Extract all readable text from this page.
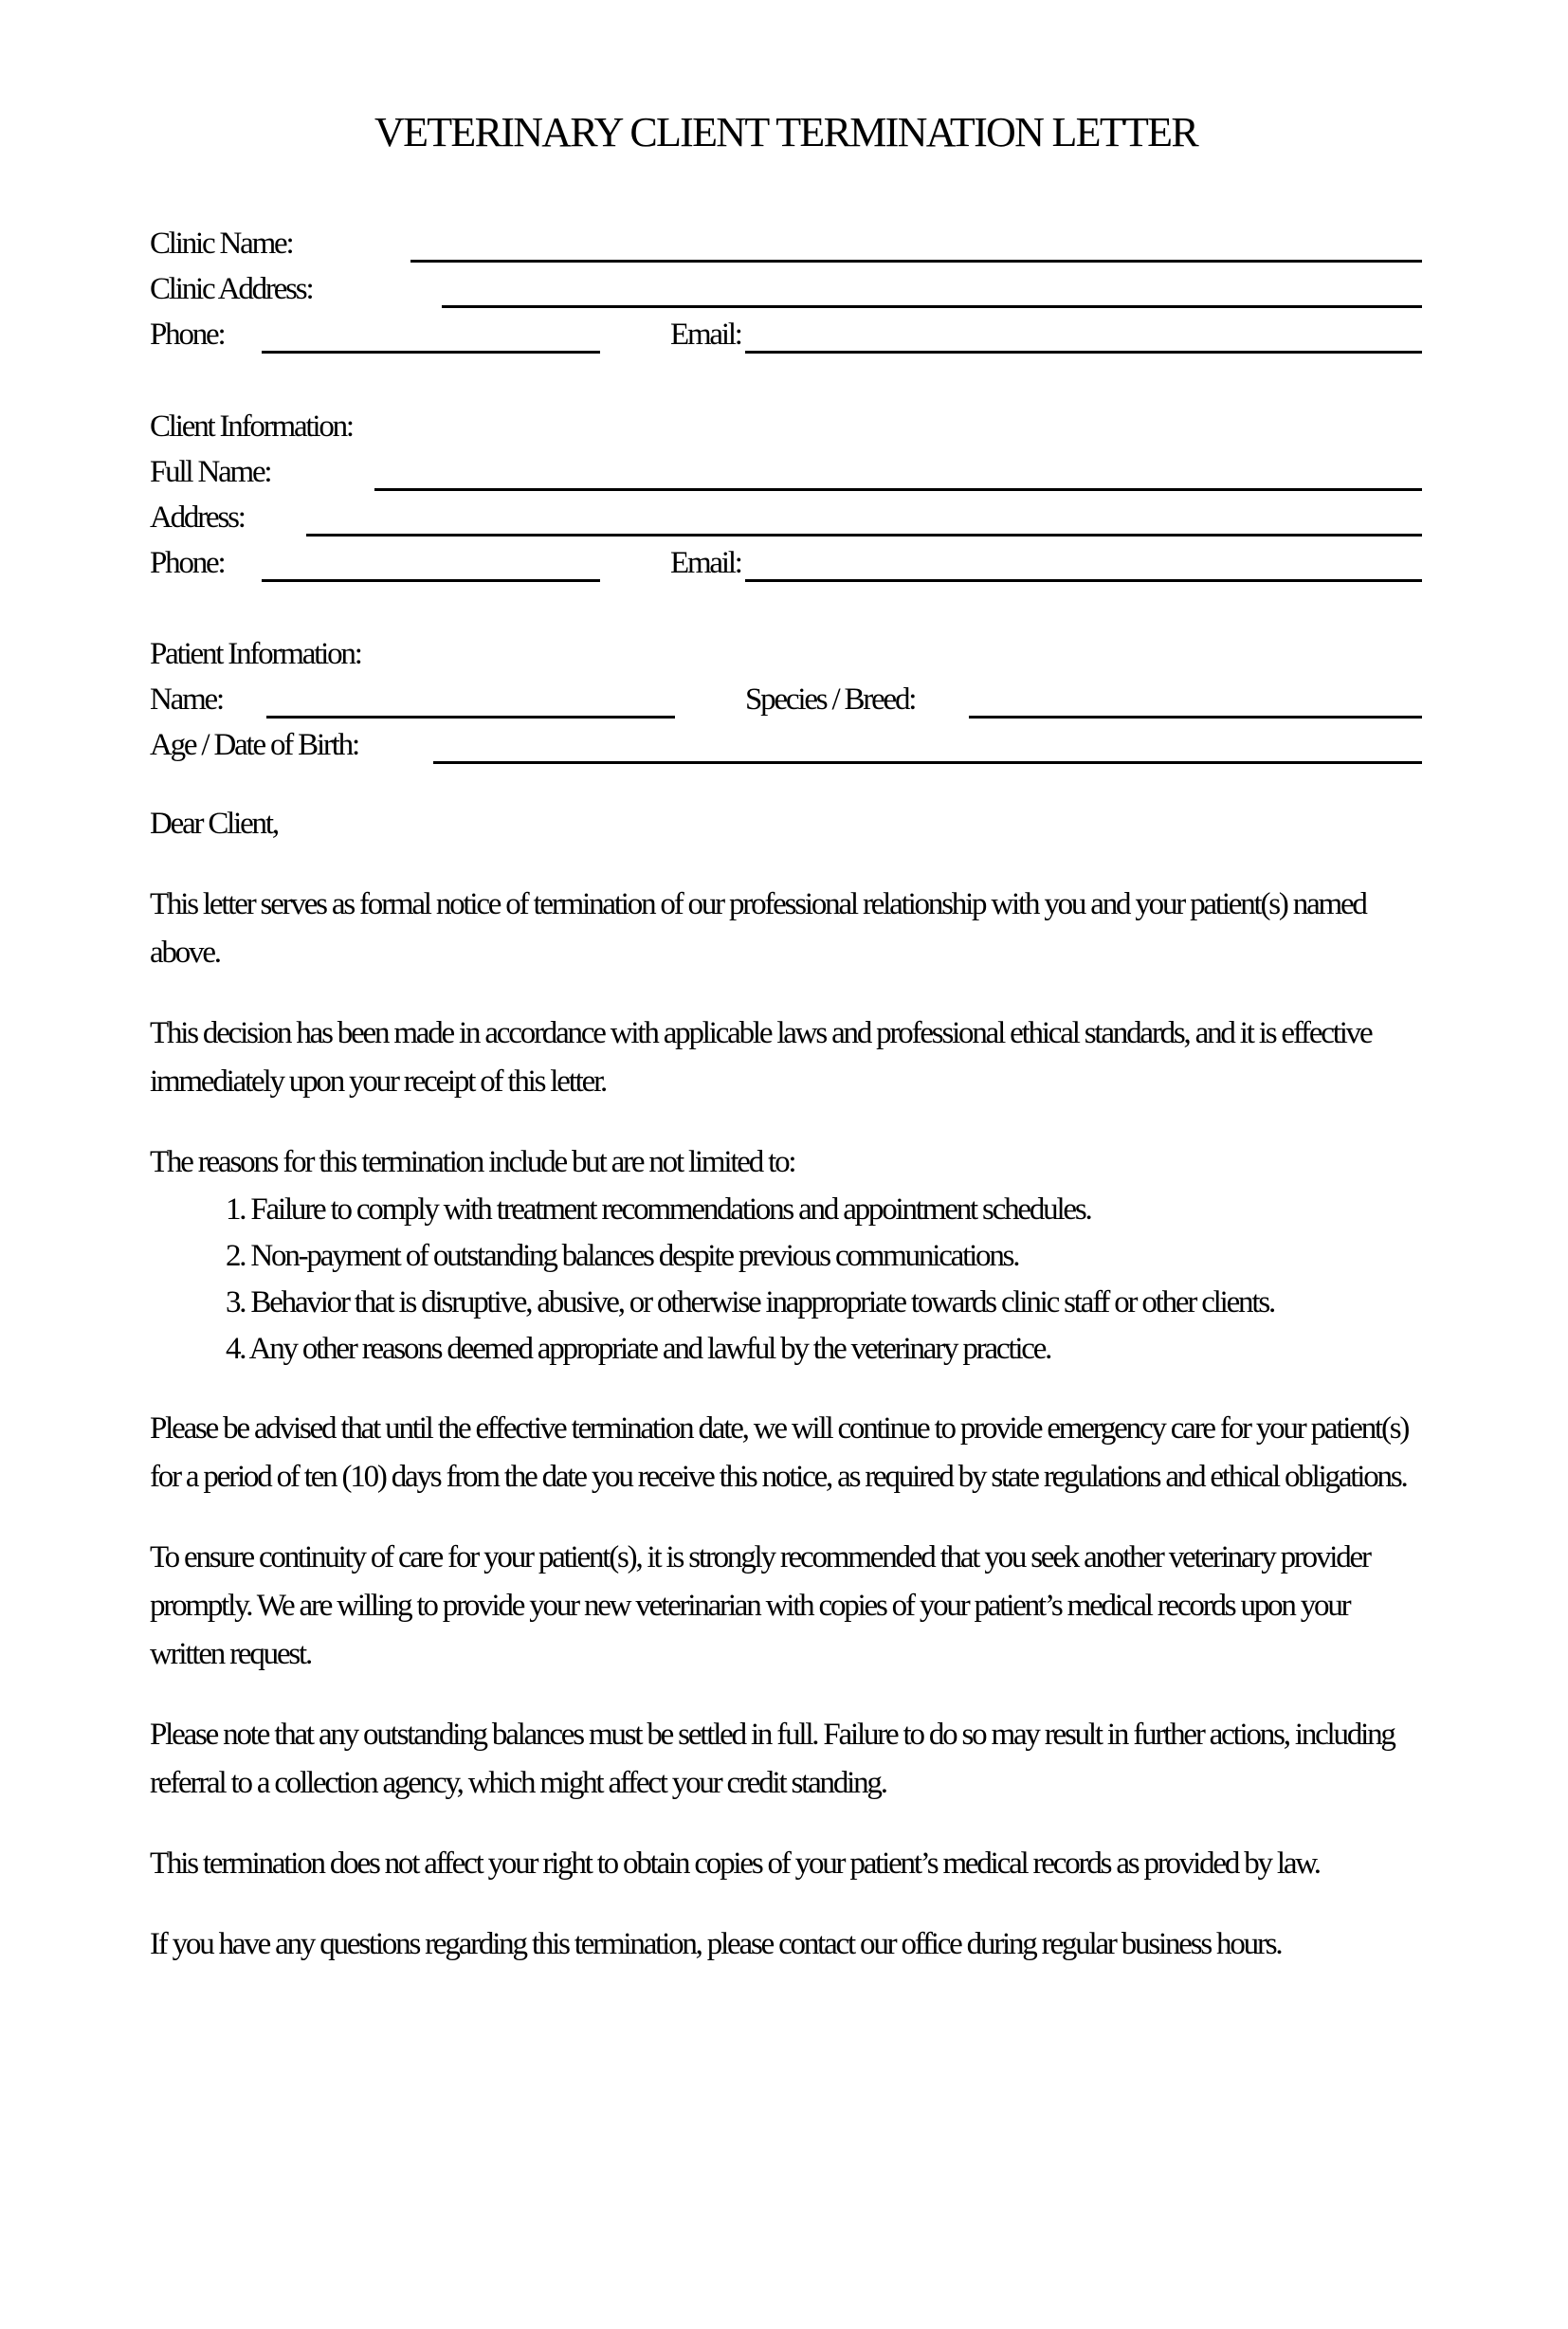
VETERINARY CLIENT TERMINATION LETTER
Clinic Name:
Clinic Address:
Phone:	Email:
Client Information:
Full Name:
Address:
Phone:	Email:
Patient Information:
Name:	Species / Breed:
Age / Date of Birth:

Dear Client,

This letter serves as formal notice of termination of our professional relationship with you and your patient(s) named above.

This decision has been made in accordance with applicable laws and professional ethical standards, and it is effective immediately upon your receipt of this letter.

The reasons for this termination include but are not limited to:

1. Failure to comply with treatment recommendations and appointment schedules.
2. Non-payment of outstanding balances despite previous communications.
3. Behavior that is disruptive, abusive, or otherwise inappropriate towards clinic staff or other clients.
4. Any other reasons deemed appropriate and lawful by the veterinary practice.

Please be advised that until the effective termination date, we will continue to provide emergency care for your patient(s) for a period of ten (10) days from the date you receive this notice, as required by state regulations and ethical obligations.

To ensure continuity of care for your patient(s), it is strongly recommended that you seek another veterinary provider promptly. We are willing to provide your new veterinarian with copies of your patient’s medical records upon your written request.

Please note that any outstanding balances must be settled in full. Failure to do so may result in further actions, including referral to a collection agency, which might affect your credit standing.

This termination does not affect your right to obtain copies of your patient’s medical records as provided by law.

If you have any questions regarding this termination, please contact our office during regular business hours.
